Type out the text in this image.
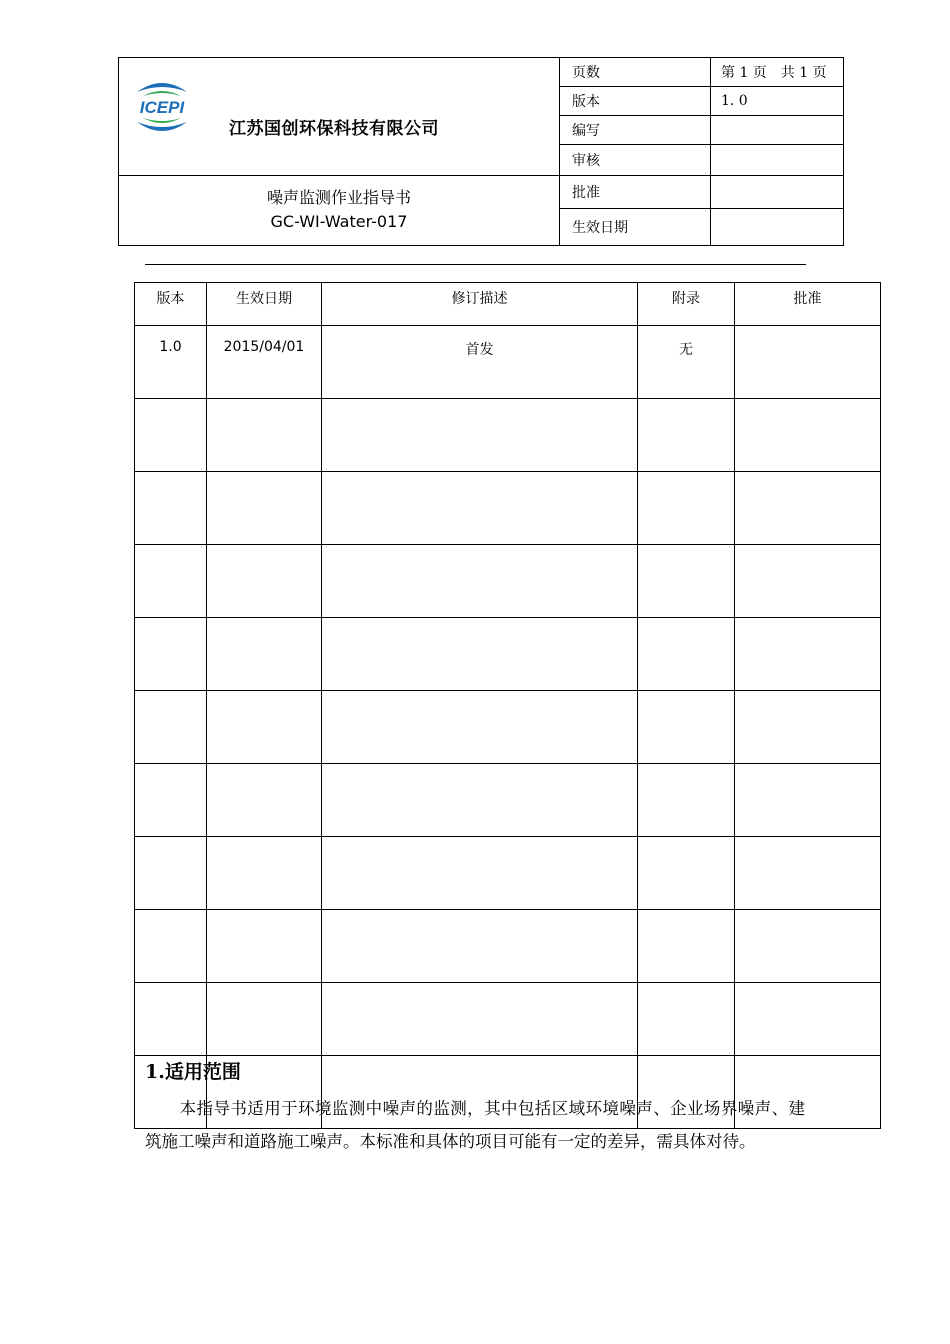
ICEPI
江苏国创环保科技有限公司	页数	第 1 页　共 1 页
	版本	1. 0
	编写	
	审核	

噪声监测作业指导书
GC-WI-Water-017	批准	
	生效日期	
版本	生效日期	修订描述	附录	批准
1.0	2015/04/01	首发	无	

1.适用范围
本指导书适用于环境监测中噪声的监测，其中包括区域环境噪声、企业场界噪声、建筑施工噪声和道路施工噪声。本标准和具体的项目可能有一定的差异，需具体对待。
